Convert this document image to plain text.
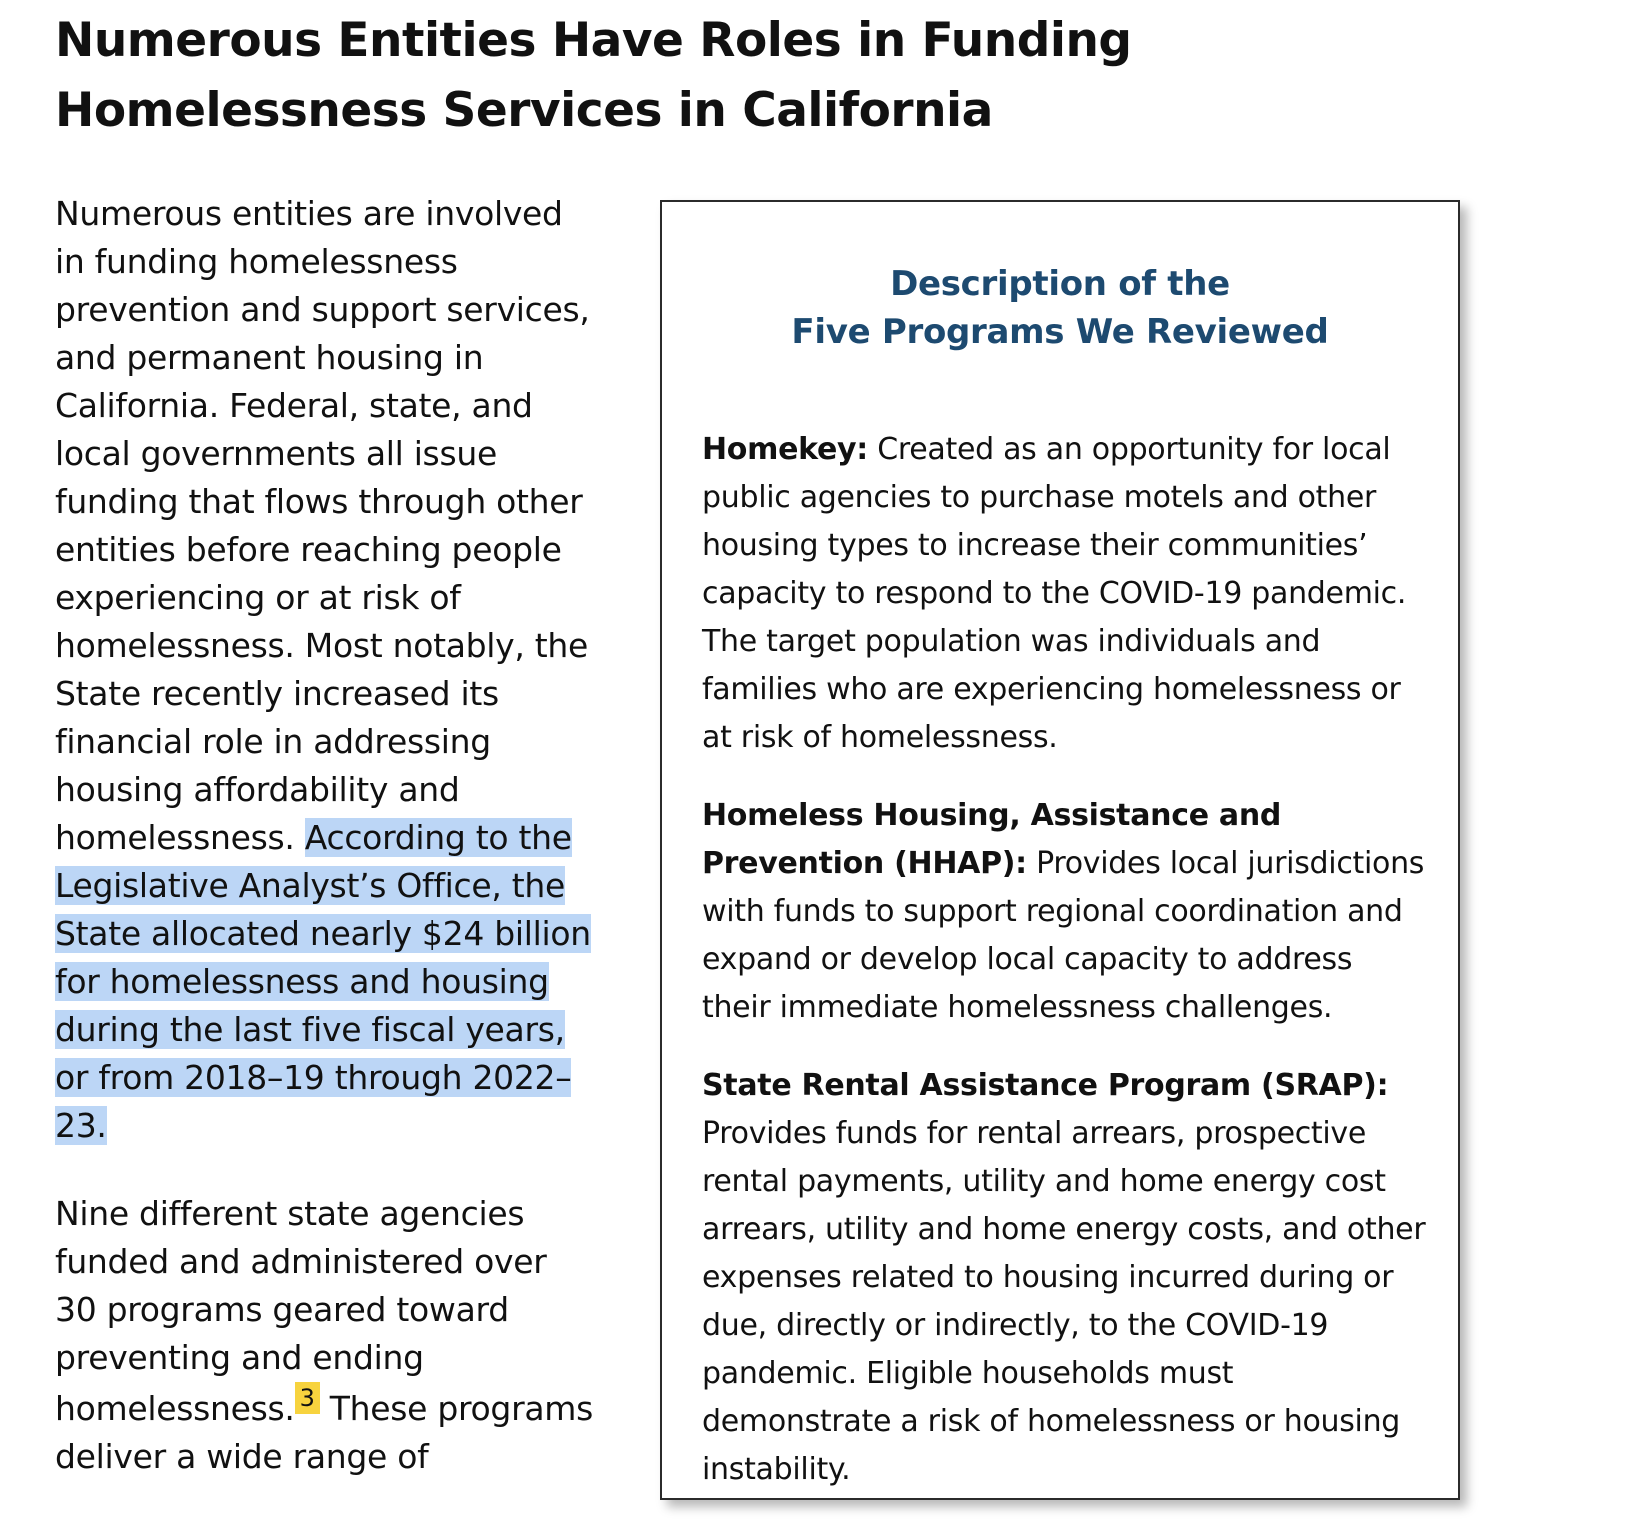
Numerous Entities Have Roles in Funding
Homelessness Services in California

Numerous entities are involved in funding homelessness prevention and support services, and permanent housing in California. Federal, state, and local governments all issue funding that flows through other entities before reaching people experiencing or at risk of homelessness. Most notably, the State recently increased its financial role in addressing housing affordability and homelessness. According to the Legislative Analyst’s Office, the State allocated nearly $24 billion for homelessness and housing during the last five fiscal years, or from 2018–19 through 2022–23.

Nine different state agencies funded and administered over 30 programs geared toward preventing and ending homelessness. 3 These programs deliver a wide range of

Description of the
Five Programs We Reviewed

Homekey: Created as an opportunity for local public agencies to purchase motels and other housing types to increase their communities’ capacity to respond to the COVID-19 pandemic. The target population was individuals and families who are experiencing homelessness or at risk of homelessness.

Homeless Housing, Assistance and Prevention (HHAP): Provides local jurisdictions with funds to support regional coordination and expand or develop local capacity to address their immediate homelessness challenges.

State Rental Assistance Program (SRAP): Provides funds for rental arrears, prospective rental payments, utility and home energy cost arrears, utility and home energy costs, and other expenses related to housing incurred during or due, directly or indirectly, to the COVID-19 pandemic. Eligible households must demonstrate a risk of homelessness or housing instability.
